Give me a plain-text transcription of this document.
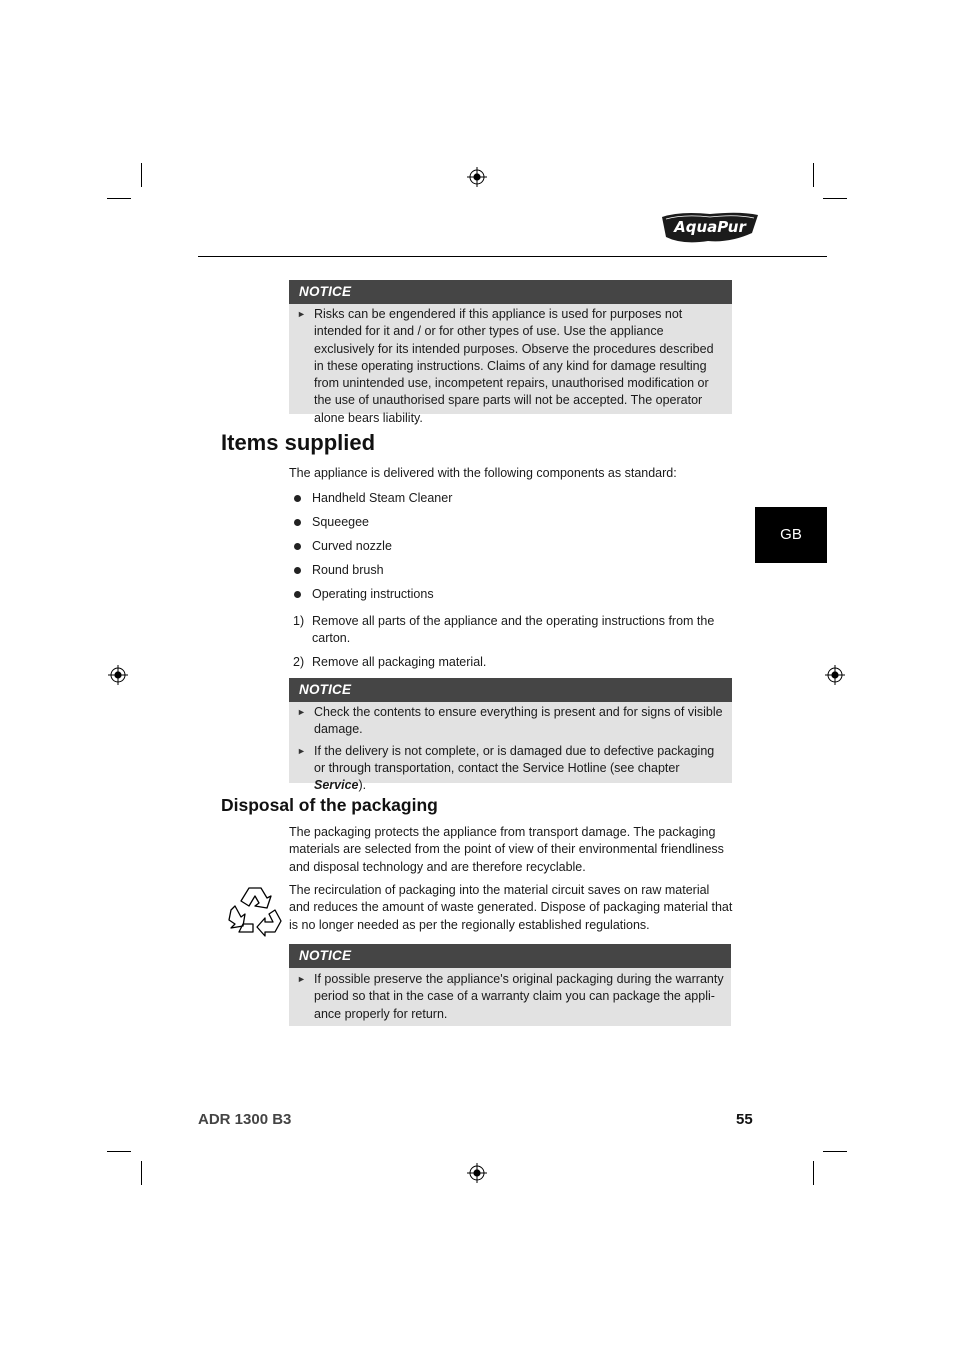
AquaPur
NOTICE
► Risks can be engendered if this appliance is used for purposes not intended for it and / or for other types of use. Use the appliance exclusively for its intended purposes. Observe the procedures described in these operating instructions. Claims of any kind for damage resulting from unintended use, incompetent repairs, unauthorised modification or the use of unauthorised spare parts will not be accepted. The operator alone bears liability.
Items supplied
The appliance is delivered with the following components as standard:
Handheld Steam Cleaner
Squeegee
Curved nozzle
Round brush
Operating instructions
1) Remove all parts of the appliance and the operating instructions from the carton.
2) Remove all packaging material.
NOTICE
► Check the contents to ensure everything is present and for signs of visible damage.
► If the delivery is not complete, or is damaged due to defective packaging or through transportation, contact the Service Hotline (see chapter Service).
Disposal of the packaging
The packaging protects the appliance from transport damage. The packaging materials are selected from the point of view of their environmental friendliness and disposal technology and are therefore recyclable.
The recirculation of packaging into the material circuit saves on raw material and reduces the amount of waste generated. Dispose of packaging material that is no longer needed as per the regionally established regulations.
NOTICE
► If possible preserve the appliance's original packaging during the warranty period so that in the case of a warranty claim you can package the appli-ance properly for return.
GB
ADR 1300 B3	55
